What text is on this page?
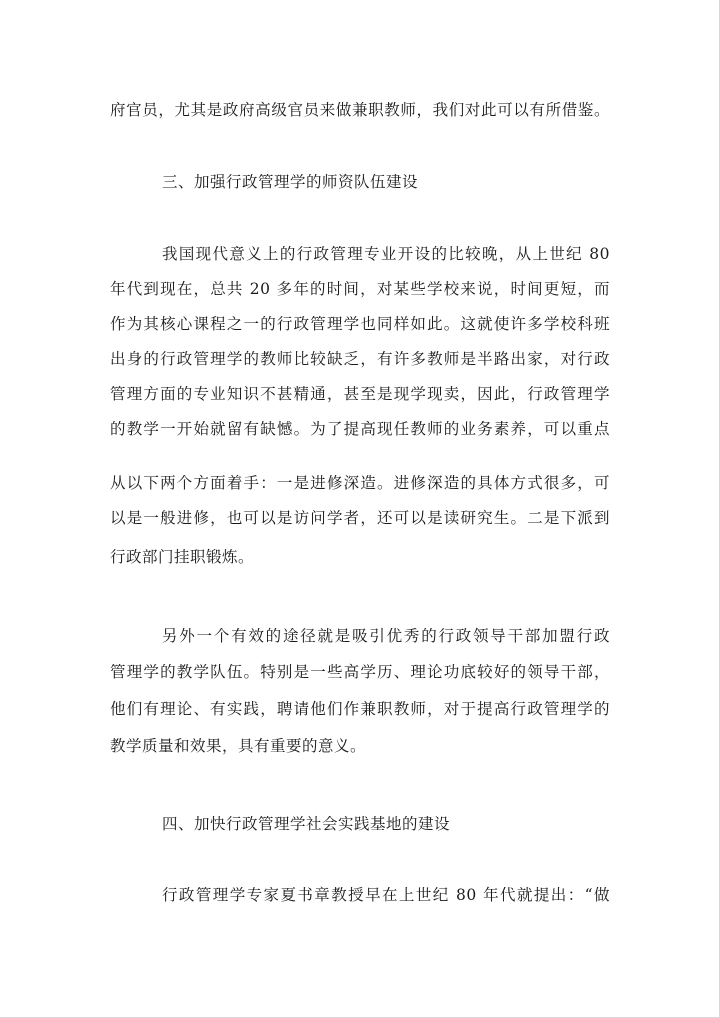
府官员，尤其是政府高级官员来做兼职教师，我们对此可以有所借鉴。
三、加强行政管理学的师资队伍建设
我国现代意义上的行政管理专业开设的比较晚，从上世纪 80
年代到现在，总共 20 多年的时间，对某些学校来说，时间更短，而
作为其核心课程之一的行政管理学也同样如此。这就使许多学校科班
出身的行政管理学的教师比较缺乏，有许多教师是半路出家，对行政
管理方面的专业知识不甚精通，甚至是现学现卖，因此，行政管理学
的教学一开始就留有缺憾。为了提高现任教师的业务素养，可以重点
从以下两个方面着手：一是进修深造。进修深造的具体方式很多，可
以是一般进修，也可以是访问学者，还可以是读研究生。二是下派到
行政部门挂职锻炼。
另外一个有效的途径就是吸引优秀的行政领导干部加盟行政
管理学的教学队伍。特别是一些高学历、理论功底较好的领导干部，
他们有理论、有实践，聘请他们作兼职教师，对于提高行政管理学的
教学质量和效果，具有重要的意义。
四、加快行政管理学社会实践基地的建设
行政管理学专家夏书章教授早在上世纪 80 年代就提出：“做
